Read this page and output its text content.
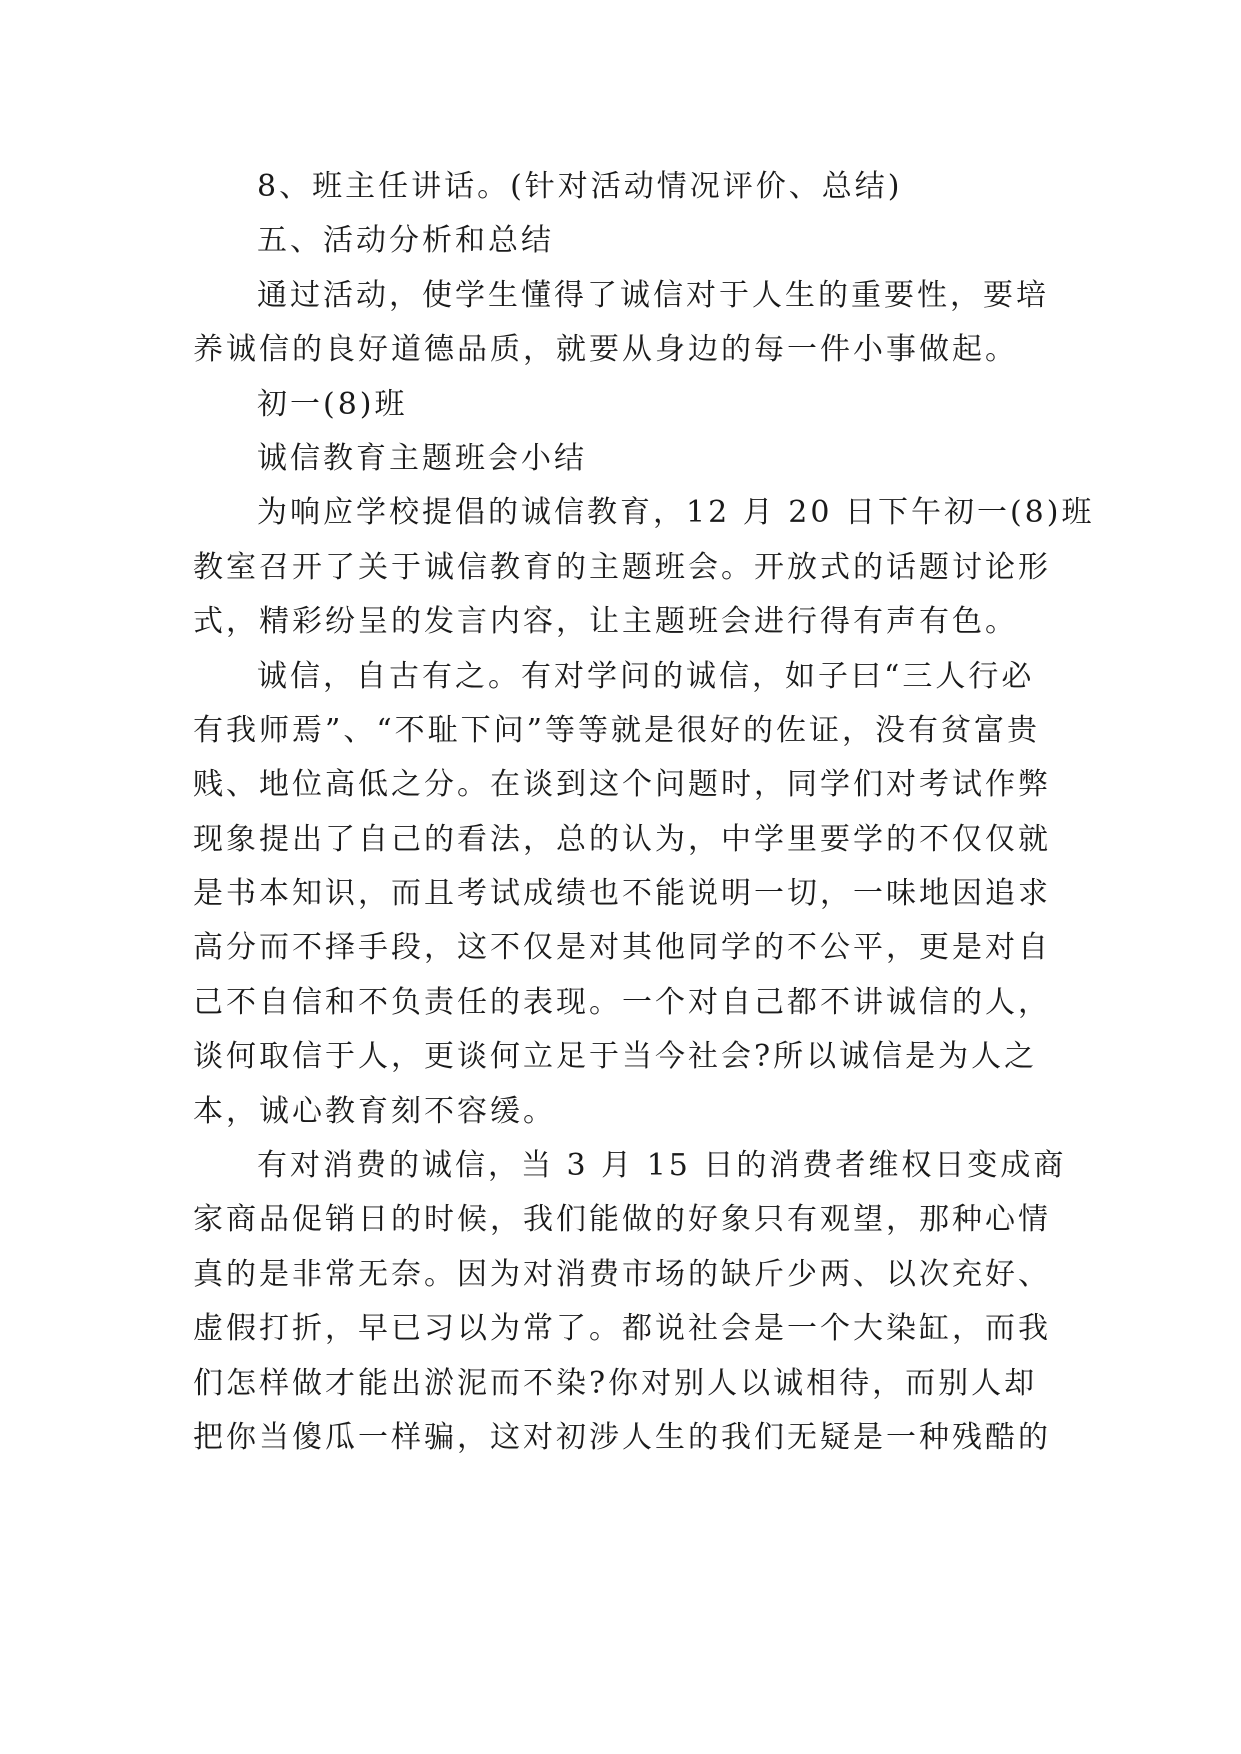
8、班主任讲话。(针对活动情况评价、总结)
五、活动分析和总结
通过活动，使学生懂得了诚信对于人生的重要性，要培
养诚信的良好道德品质，就要从身边的每一件小事做起。
初一(8)班
诚信教育主题班会小结
为响应学校提倡的诚信教育，12 月 20 日下午初一(8)班
教室召开了关于诚信教育的主题班会。开放式的话题讨论形
式，精彩纷呈的发言内容，让主题班会进行得有声有色。
诚信，自古有之。有对学问的诚信，如子曰“三人行必
有我师焉”、“不耻下问”等等就是很好的佐证，没有贫富贵
贱、地位高低之分。在谈到这个问题时，同学们对考试作弊
现象提出了自己的看法，总的认为，中学里要学的不仅仅就
是书本知识，而且考试成绩也不能说明一切，一味地因追求
高分而不择手段，这不仅是对其他同学的不公平，更是对自
己不自信和不负责任的表现。一个对自己都不讲诚信的人，
谈何取信于人，更谈何立足于当今社会?所以诚信是为人之
本，诚心教育刻不容缓。
有对消费的诚信，当 3 月 15 日的消费者维权日变成商
家商品促销日的时候，我们能做的好象只有观望，那种心情
真的是非常无奈。因为对消费市场的缺斤少两、以次充好、
虚假打折，早已习以为常了。都说社会是一个大染缸，而我
们怎样做才能出淤泥而不染?你对别人以诚相待，而别人却
把你当傻瓜一样骗，这对初涉人生的我们无疑是一种残酷的
